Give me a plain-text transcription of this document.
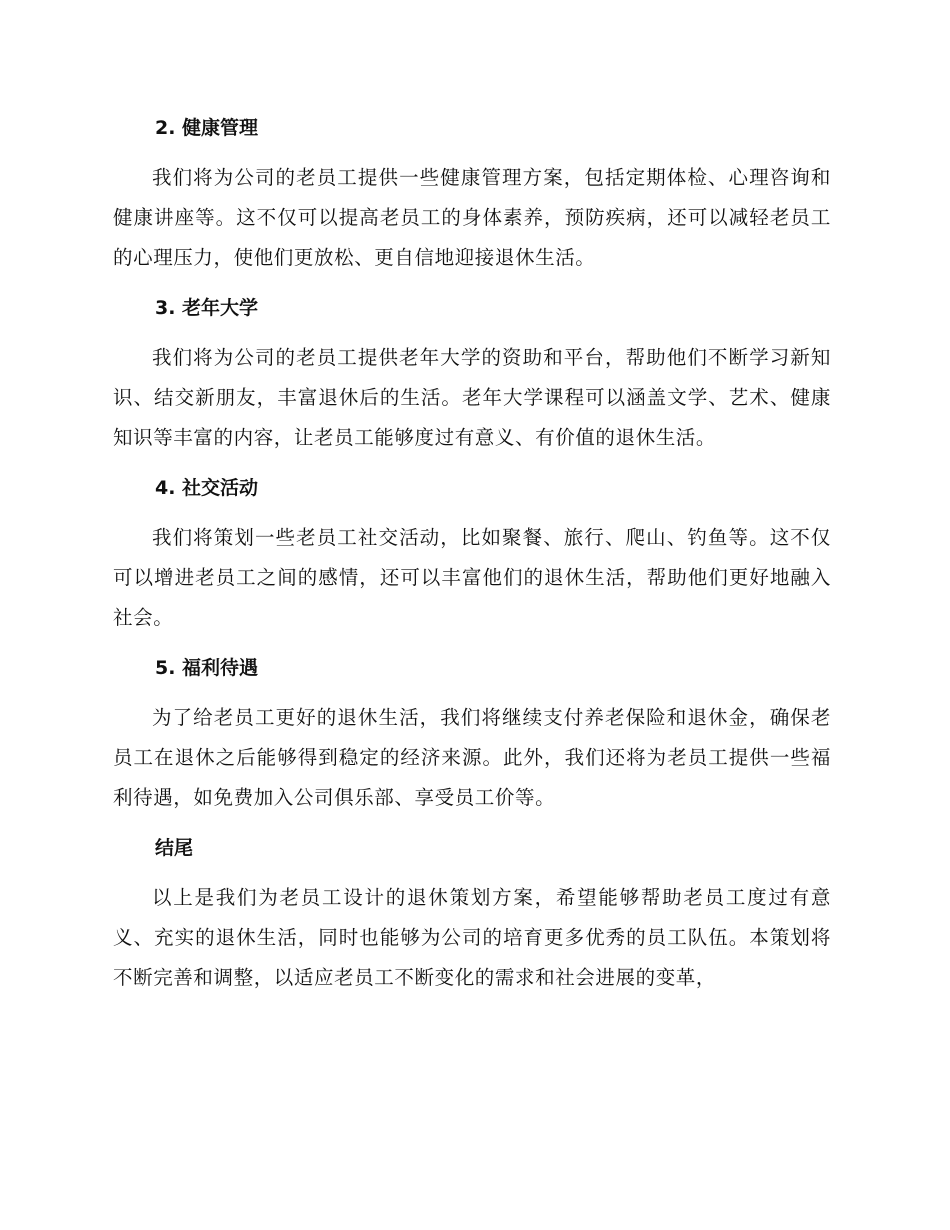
2. 健康管理

我们将为公司的老员工提供一些健康管理方案，包括定期体检、心理咨询和健康讲座等。这不仅可以提高老员工的身体素养，预防疾病，还可以减轻老员工的心理压力，使他们更放松、更自信地迎接退休生活。

3. 老年大学

我们将为公司的老员工提供老年大学的资助和平台，帮助他们不断学习新知识、结交新朋友，丰富退休后的生活。老年大学课程可以涵盖文学、艺术、健康知识等丰富的内容，让老员工能够度过有意义、有价值的退休生活。

4. 社交活动

我们将策划一些老员工社交活动，比如聚餐、旅行、爬山、钓鱼等。这不仅可以增进老员工之间的感情，还可以丰富他们的退休生活，帮助他们更好地融入社会。

5. 福利待遇

为了给老员工更好的退休生活，我们将继续支付养老保险和退休金，确保老员工在退休之后能够得到稳定的经济来源。此外，我们还将为老员工提供一些福利待遇，如免费加入公司俱乐部、享受员工价等。

结尾

以上是我们为老员工设计的退休策划方案，希望能够帮助老员工度过有意义、充实的退休生活，同时也能够为公司的培育更多优秀的员工队伍。本策划将不断完善和调整，以适应老员工不断变化的需求和社会进展的变革，
